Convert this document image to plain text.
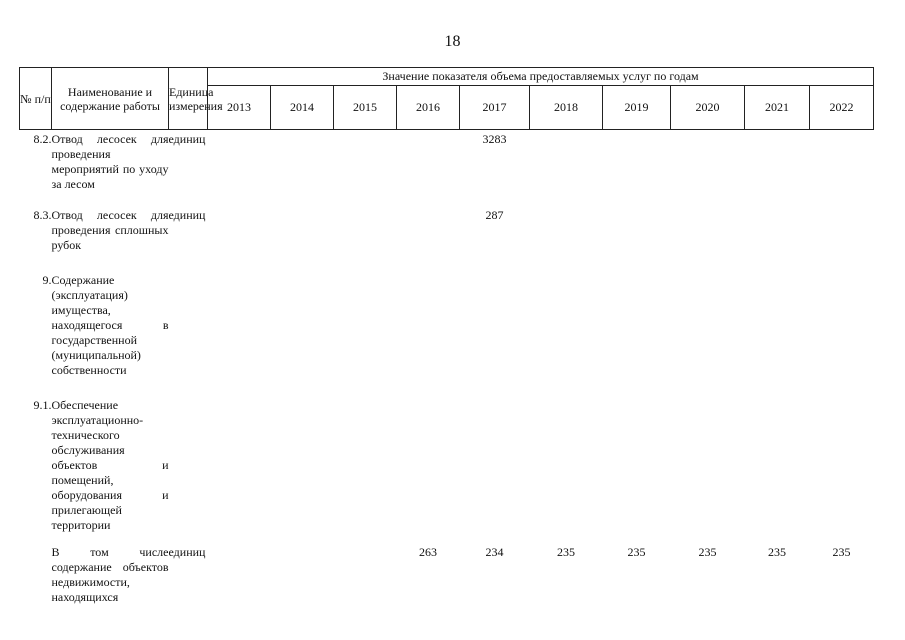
18
№ п/п	Наименование и содержание работы	Единица измерения	Значение показателя объема предоставляемых услуг по годам									
			2013	2014	2015	2016	2017	2018	2019	2020	2021	2022
8.2.	Отвод лесосек для проведения мероприятий по уходу за лесом	единиц					3283					
8.3.	Отвод лесосек для проведения сплошных рубок	единиц					287					
9.	Содержание (эксплуатация) имущества, находящегося в государственной (муниципальной) собственности											
9.1.	Обеспечение эксплуатационно-технического обслуживания объектов и помещений, оборудования и прилегающей территории											
	В том числе содержание объектов недвижимости, находящихся	единиц				263	234	235	235	235	235	235
